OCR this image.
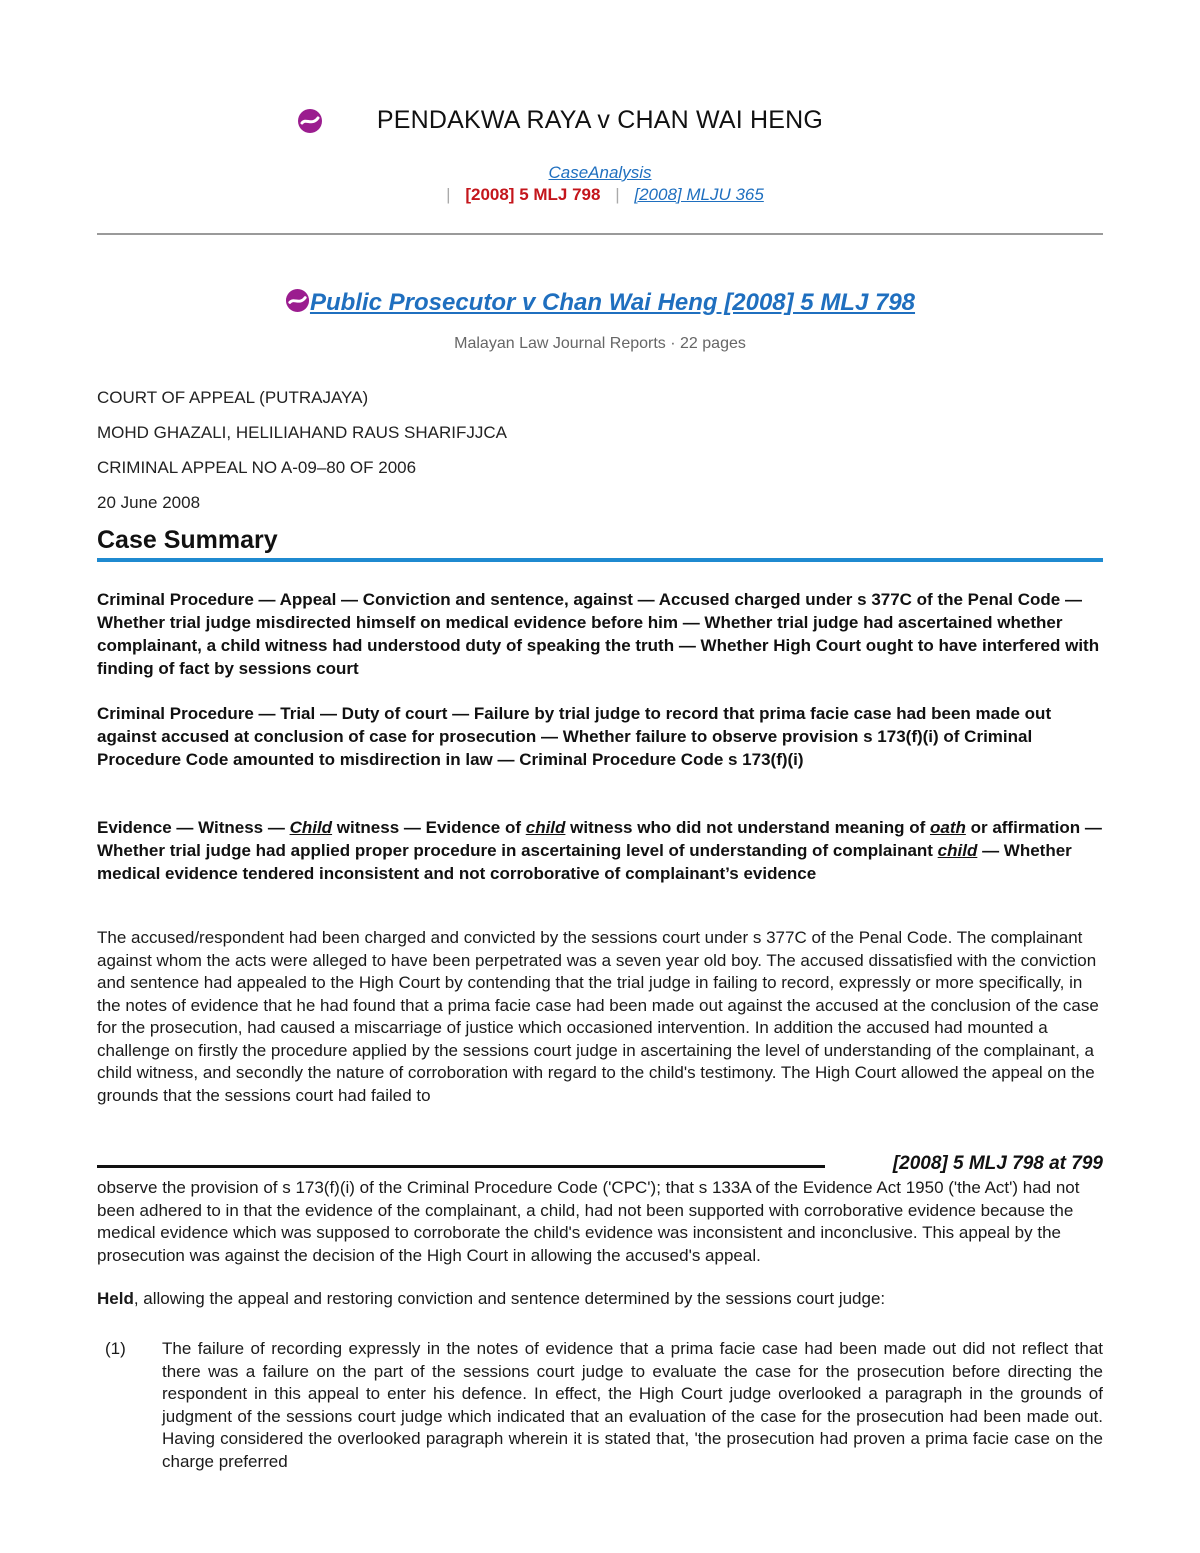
PENDAKWA RAYA v CHAN WAI HENG
CaseAnalysis
| [2008] 5 MLJ 798 | [2008] MLJU 365
Public Prosecutor v Chan Wai Heng [2008] 5 MLJ 798
Malayan Law Journal Reports · 22 pages
COURT OF APPEAL (PUTRAJAYA)
MOHD GHAZALI, HELILIAHAND RAUS SHARIFJJCA
CRIMINAL APPEAL NO A-09–80 OF 2006
20 June 2008
Case Summary
Criminal Procedure — Appeal — Conviction and sentence, against — Accused charged under s 377C of the Penal Code — Whether trial judge misdirected himself on medical evidence before him — Whether trial judge had ascertained whether complainant, a child witness had understood duty of speaking the truth — Whether High Court ought to have interfered with finding of fact by sessions court
Criminal Procedure — Trial — Duty of court — Failure by trial judge to record that prima facie case had been made out against accused at conclusion of case for prosecution — Whether failure to observe provision s 173(f)(i) of Criminal Procedure Code amounted to misdirection in law — Criminal Procedure Code s 173(f)(i)
Evidence — Witness — Child witness — Evidence of child witness who did not understand meaning of oath or affirmation — Whether trial judge had applied proper procedure in ascertaining level of understanding of complainant child — Whether medical evidence tendered inconsistent and not corroborative of complainant’s evidence
The accused/respondent had been charged and convicted by the sessions court under s 377C of the Penal Code. The complainant against whom the acts were alleged to have been perpetrated was a seven year old boy. The accused dissatisfied with the conviction and sentence had appealed to the High Court by contending that the trial judge in failing to record, expressly or more specifically, in the notes of evidence that he had found that a prima facie case had been made out against the accused at the conclusion of the case for the prosecution, had caused a miscarriage of justice which occasioned intervention. In addition the accused had mounted a challenge on firstly the procedure applied by the sessions court judge in ascertaining the level of understanding of the complainant, a child witness, and secondly the nature of corroboration with regard to the child's testimony. The High Court allowed the appeal on the grounds that the sessions court had failed to
[2008] 5 MLJ 798 at 799
observe the provision of s 173(f)(i) of the Criminal Procedure Code ('CPC'); that s 133A of the Evidence Act 1950 ('the Act') had not been adhered to in that the evidence of the complainant, a child, had not been supported with corroborative evidence because the medical evidence which was supposed to corroborate the child's evidence was inconsistent and inconclusive. This appeal by the prosecution was against the decision of the High Court in allowing the accused's appeal.
Held, allowing the appeal and restoring conviction and sentence determined by the sessions court judge:
(1) The failure of recording expressly in the notes of evidence that a prima facie case had been made out did not reflect that there was a failure on the part of the sessions court judge to evaluate the case for the prosecution before directing the respondent in this appeal to enter his defence. In effect, the High Court judge overlooked a paragraph in the grounds of judgment of the sessions court judge which indicated that an evaluation of the case for the prosecution had been made out. Having considered the overlooked paragraph wherein it is stated that, 'the prosecution had proven a prima facie case on the charge preferred
